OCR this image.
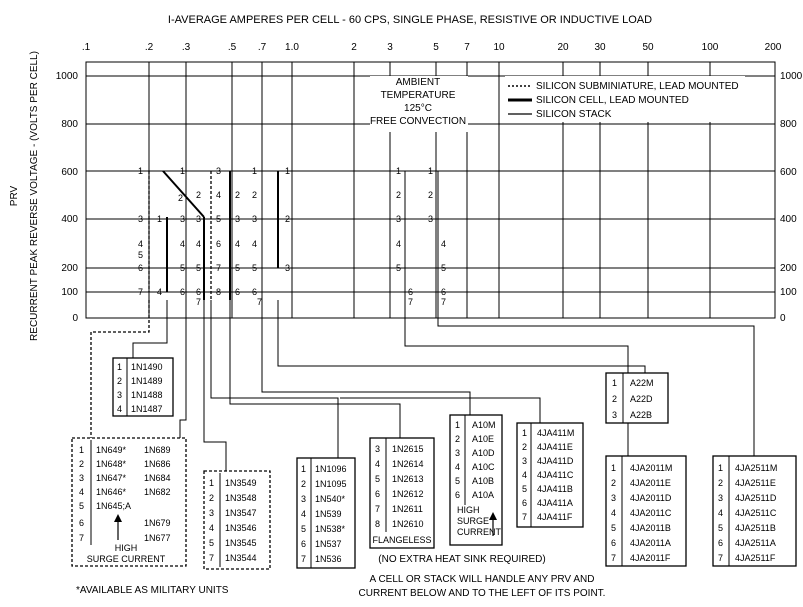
I-AVERAGE AMPERES PER CELL - 60 CPS, SINGLE PHASE, RESISTIVE OR INDUCTIVE LOAD
PRV RECURRENT PEAK REVERSE VOLTAGE - (VOLTS PER CELL)
.1	.2	.3	.5 .7 1.0	2	3	5	7 10	20	30	50	100	200
1000
800
600
400
200
100
0
1000
800
600
400
200
100
0
AMBIENT
TEMPERATURE
125°C
FREE CONVECTION
SILICON SUBMINIATURE, LEAD MOUNTED
SILICON CELL, LEAD MOUNTED
SILICON STACK
1
3
4
5
6
7
1
4
1
3
4
5
6
2 2
3
4
5
6
7
3
4
5
6
7
8
2
3
4
5
6
1
2
3
4
5
6
7
1
2
3
1
2
3
4
5
6
7
1
2
3
4
5
6
7
1 1N1490
2 1N1489
3 1N1488
4 1N1487
1 1N649* 1N689
2 1N648* 1N686
3 1N647* 1N684
4 1N646* 1N682
5 1N645;A
6	1N679
7	1N677
HIGH
SURGE CURRENT
1 1N3549
2 1N3548
3 1N3547
4 1N3546
5 1N3545
7 1N3544
1 1N1096
2 1N1095
3 1N540*
4 1N539
5 1N538*
6 1N537
7 1N536
3 1N2615
4 1N2614
5 1N2613
6 1N2612
7 1N2611
8 1N2610
FLANGELESS
1 A10M
2 A10E
3 A10D
4 A10C
5 A10B
6 A10A
HIGH
SURGE
CURRENT
1 4JA411M
2 4JA411E
3 4JA411D
4 4JA411C
5 4JA411B
6 4JA411A
7 4JA411F
1 A22M
2 A22D
3 A22B
1 4JA2011M
2 4JA2011E
3 4JA2011D
4 4JA2011C
5 4JA2011B
6 4JA2011A
7 4JA2011F
1 4JA2511M
2 4JA2511E
3 4JA2511D
4 4JA2511C
5 4JA2511B
6 4JA2511A
7 4JA2511F
*AVAILABLE AS MILITARY UNITS
(NO EXTRA HEAT SINK REQUIRED)
A CELL OR STACK WILL HANDLE ANY PRV AND
CURRENT BELOW AND TO THE LEFT OF ITS POINT.
